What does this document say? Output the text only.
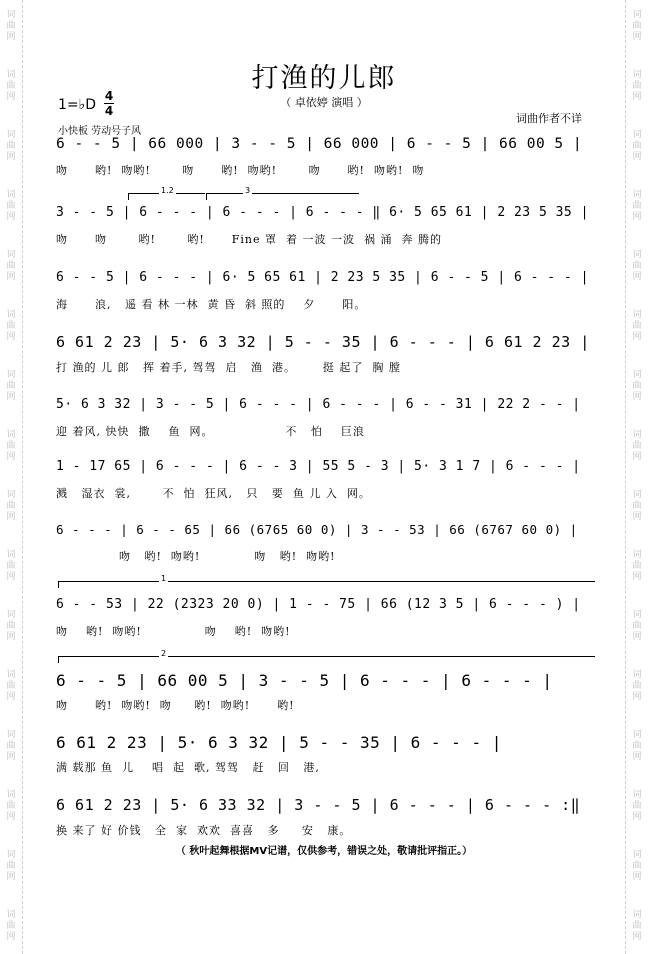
词
曲
网
词
曲
网
词
曲
网
词
曲
网
词
曲
网
词
曲
网
词
曲
网
词
曲
网
词
曲
网
词
曲
网
词
曲
网
词
曲
网
词
曲
网
词
曲
网
词
曲
网
词
曲
网
词
曲
网
词
曲
网
词
曲
网
词
曲
网
词
曲
网
词
曲
网
词
曲
网
词
曲
网
词
曲
网
词
曲
网
词
曲
网
词
曲
网
词
曲
网
词
曲
网
词
曲
网
词
曲
网
打渔的儿郎
（ 卓依婷 演唱 ）
1=♭D
4
4
小快板 劳动号子风
词曲作者不详
1.2	3
1
2
6 - - 5 | 66 000 | 3 - - 5 | 66 000 | 6 - - 5 | 66 00 5 |
吻      哟!  吻哟!       吻      哟!  吻哟!       吻      哟!  吻哟!  吻
3 - - 5 | 6 - - - | 6 - - - | 6 - - - ‖ 6· 5 65 61 | 2 23 5 35 |
吻      吻       哟!       哟!      Fine 罩  着 一波 一波  祸 涌  奔 腾的
6 - - 5 | 6 - - - | 6· 5 65 61 | 2 23 5 35 | 6 - - 5 | 6 - - - |
海      浪,   遥 看 林 一林  黄 昏  斜 照的    夕      阳。
6 61 2 23 | 5· 6 3 32 | 5 - - 35 | 6 - - - | 6 61 2 23 |
打 渔的 儿 郎   挥 着手, 驾驾  启   渔  港。      挺 起了  胸 膛
5· 6 3 32 | 3 - - 5 | 6 - - - | 6 - - - | 6 - - 31 | 22 2 - - |
迎 着风, 快快  撒    鱼  网。                不   怕    巨浪
1 - 17 65 | 6 - - - | 6 - - 3 | 55 5 - 3 | 5· 3 1 7 | 6 - - - |
溅   湿衣  裳,       不  怕  狂风,   只   要  鱼 儿 入  网。
6 - - - | 6 - - 65 | 66 (6765 60 0) | 3 - - 53 | 66 (6767 60 0) |
吻   哟!  吻哟!            吻   哟!  吻哟!
6 - - 53 | 22 (2323 20 0) | 1 - - 75 | 66 (12 3 5 | 6 - - - ) |
吻    哟!  吻哟!              吻    哟!  吻哟!
6 - - 5 | 66 00 5 | 3 - - 5 | 6 - - - | 6 - - - |
吻      哟!  吻哟!  吻     哟!  吻哟!      哟!
6 61 2 23 | 5· 6 3 32 | 5 - - 35 | 6 - - - |
满 载那 鱼  儿    唱  起  歌, 驾驾   赶   回   港,
6 61 2 23 | 5· 6 33 32 | 3 - - 5 | 6 - - - | 6 - - - :‖
换 来了 好 价钱   全  家  欢欢  喜喜   多     安   康。
（ 秋叶起舞根据MV记谱，仅供参考，错误之处，敬请批评指正。）
